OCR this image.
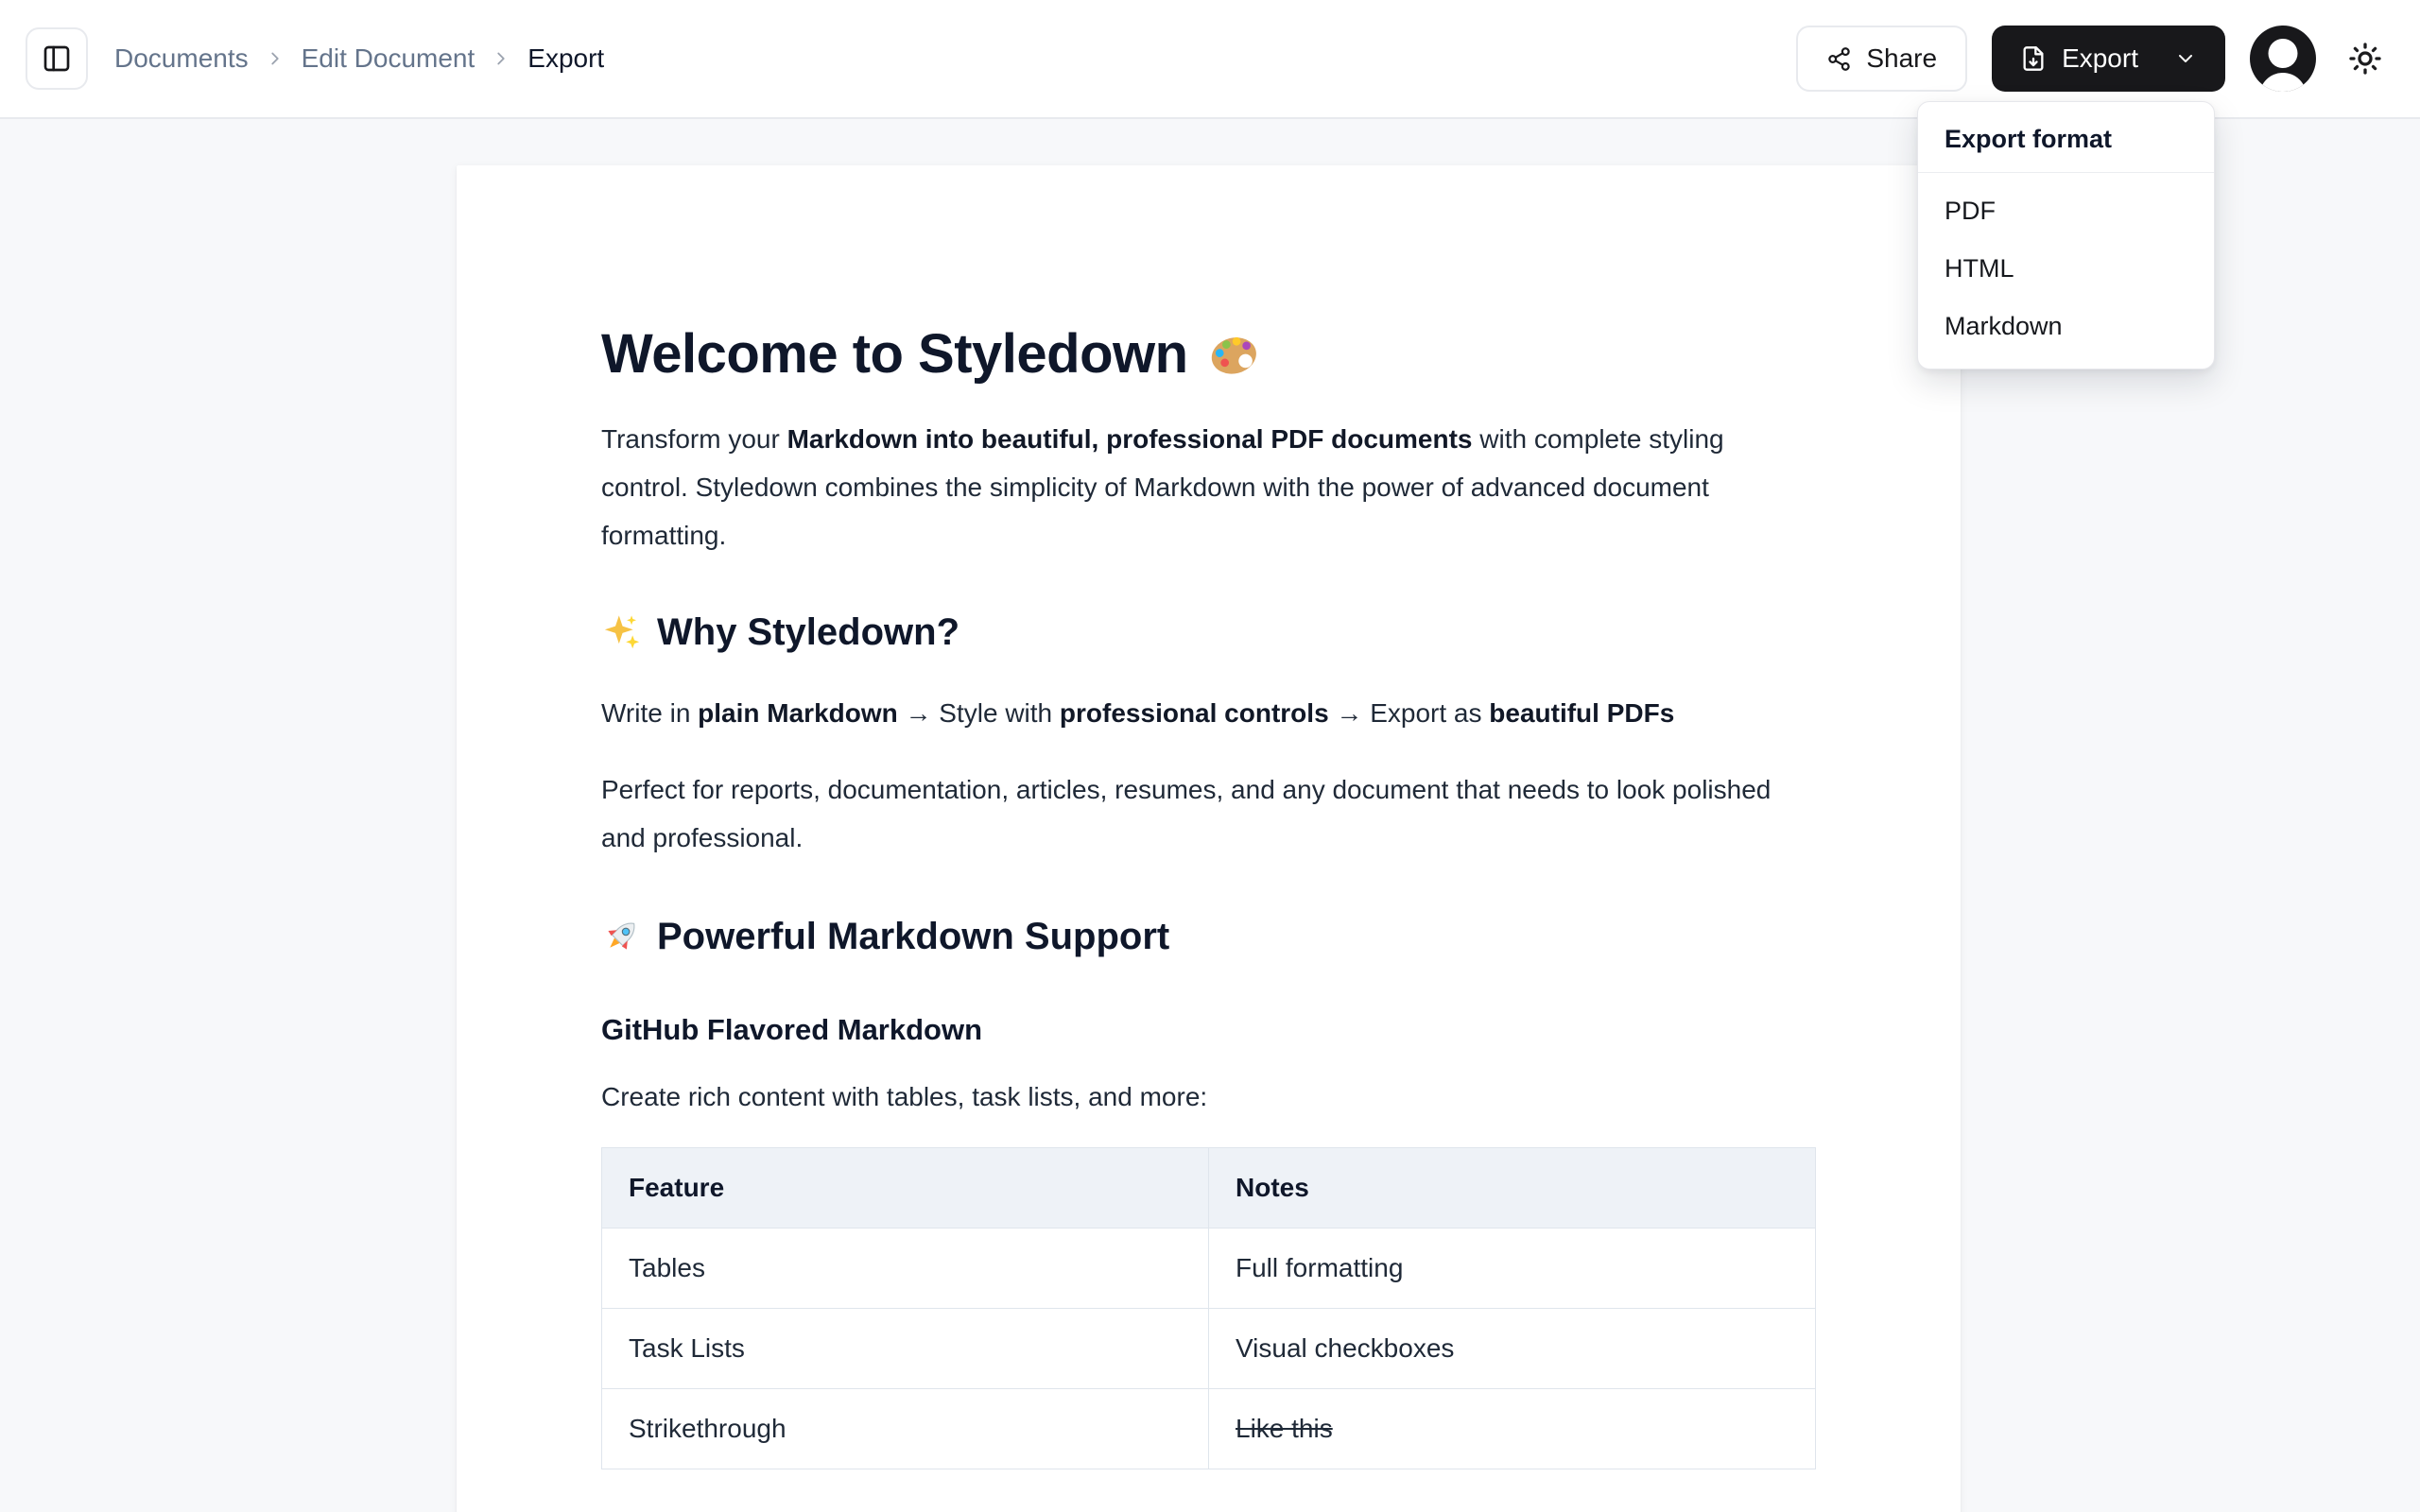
Documents Edit Document Export	Share	Export
Export format
PDF
HTML
Markdown
Welcome to Styledown

Transform your Markdown into beautiful, professional PDF documents with complete styling control. Styledown combines the simplicity of Markdown with the power of advanced document formatting.

Why Styledown?

Write in plain Markdown → Style with professional controls → Export as beautiful PDFs

Perfect for reports, documentation, articles, resumes, and any document that needs to look polished and professional.

Powerful Markdown Support
GitHub Flavored Markdown

Create rich content with tables, task lists, and more:

Feature	Notes
Tables	Full formatting
Task Lists	Visual checkboxes
Strikethrough	Like this
